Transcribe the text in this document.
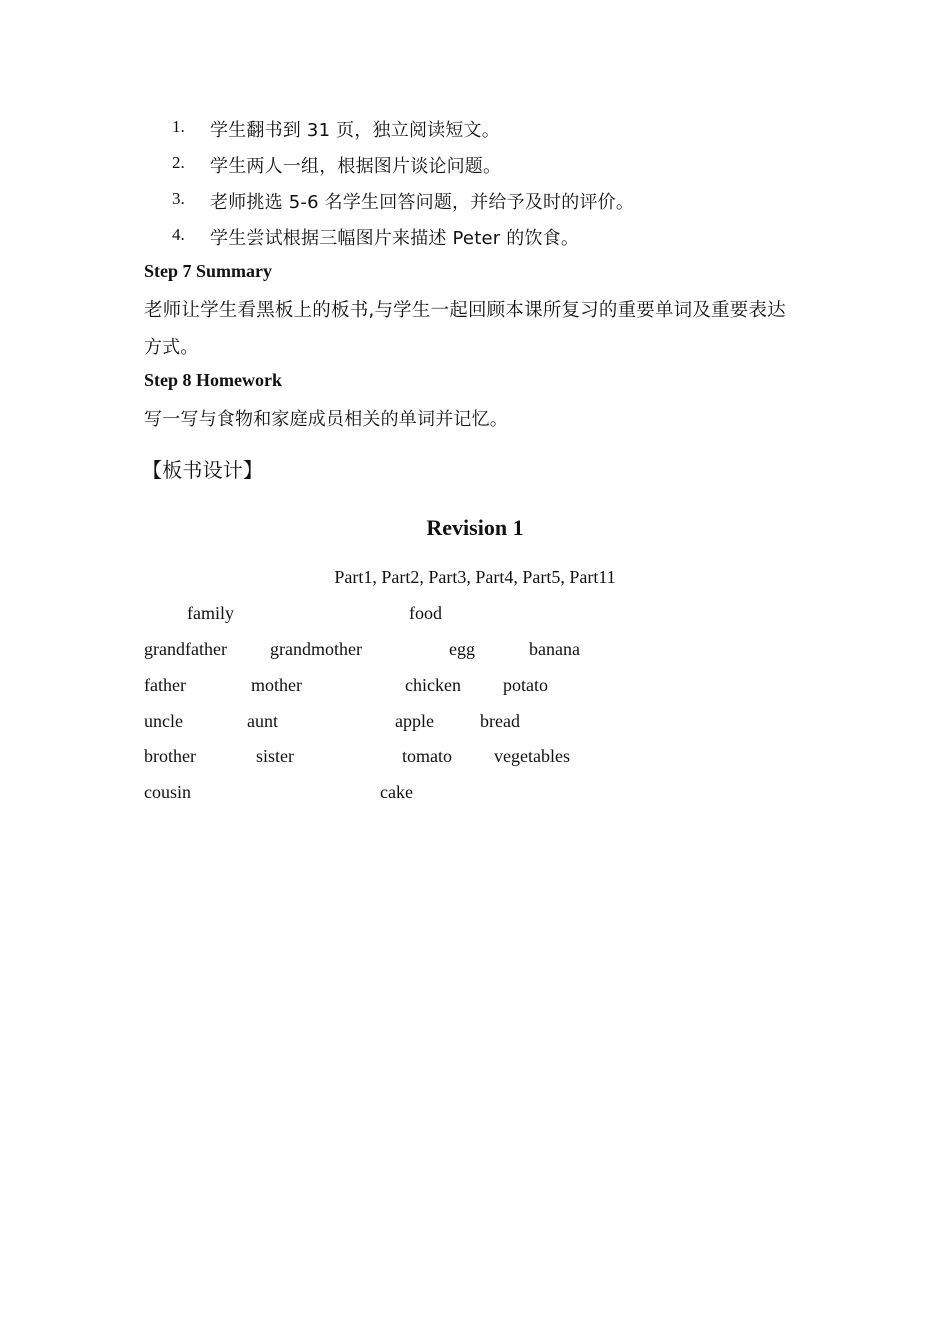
1. 学生翻书到 31 页，独立阅读短文。
2. 学生两人一组，根据图片谈论问题。
3. 老师挑选 5-6 名学生回答问题，并给予及时的评价。
4. 学生尝试根据三幅图片来描述 Peter 的饮食。
Step 7 Summary
老师让学生看黑板上的板书,与学生一起回顾本课所复习的重要单词及重要表达
方式。
Step 8 Homework
写一写与食物和家庭成员相关的单词并记忆。
【板书设计】
Revision 1
Part1, Part2, Part3, Part4, Part5, Part11
family	food
grandfather grandmother	egg	banana
father	mother	chicken potato
uncle	aunt	apple	bread
brother	sister	tomato vegetables
cousin	cake
